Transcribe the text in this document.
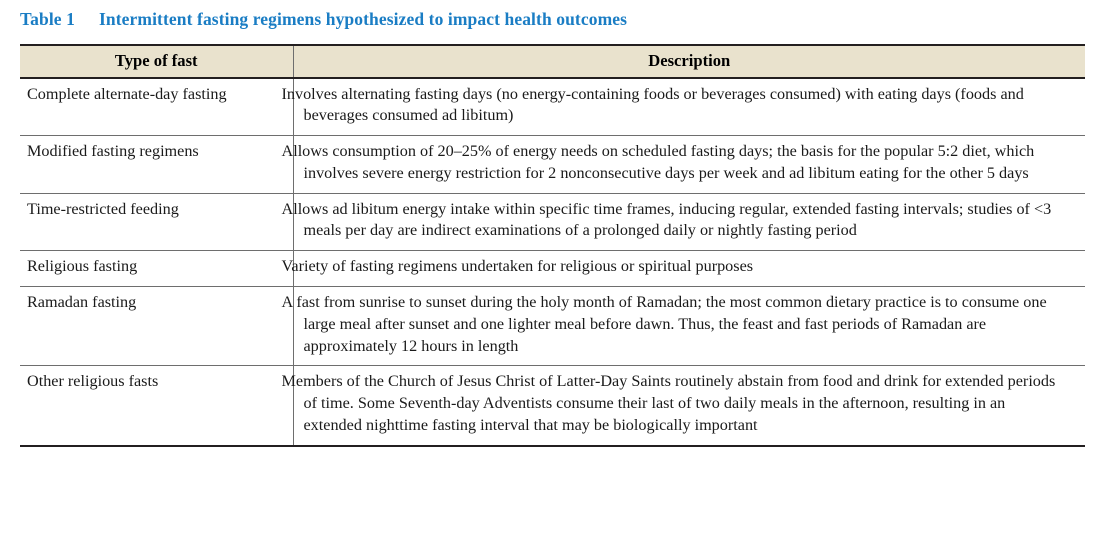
Table 1 Intermittent fasting regimens hypothesized to impact health outcomes
Type of fast	Description
Complete alternate-day fasting	Involves alternating fasting days (no energy-containing foods or beverages consumed) with eating days (foods and beverages consumed ad libitum)
Modified fasting regimens	Allows consumption of 20–25% of energy needs on scheduled fasting days; the basis for the popular 5:2 diet, which involves severe energy restriction for 2 nonconsecutive days per week and ad libitum eating for the other 5 days
Time-restricted feeding	Allows ad libitum energy intake within specific time frames, inducing regular, extended fasting intervals; studies of <3 meals per day are indirect examinations of a prolonged daily or nightly fasting period
Religious fasting	Variety of fasting regimens undertaken for religious or spiritual purposes
Ramadan fasting	A fast from sunrise to sunset during the holy month of Ramadan; the most common dietary practice is to consume one large meal after sunset and one lighter meal before dawn. Thus, the feast and fast periods of Ramadan are approximately 12 hours in length
Other religious fasts	Members of the Church of Jesus Christ of Latter-Day Saints routinely abstain from food and drink for extended periods of time. Some Seventh-day Adventists consume their last of two daily meals in the afternoon, resulting in an extended nighttime fasting interval that may be biologically important
